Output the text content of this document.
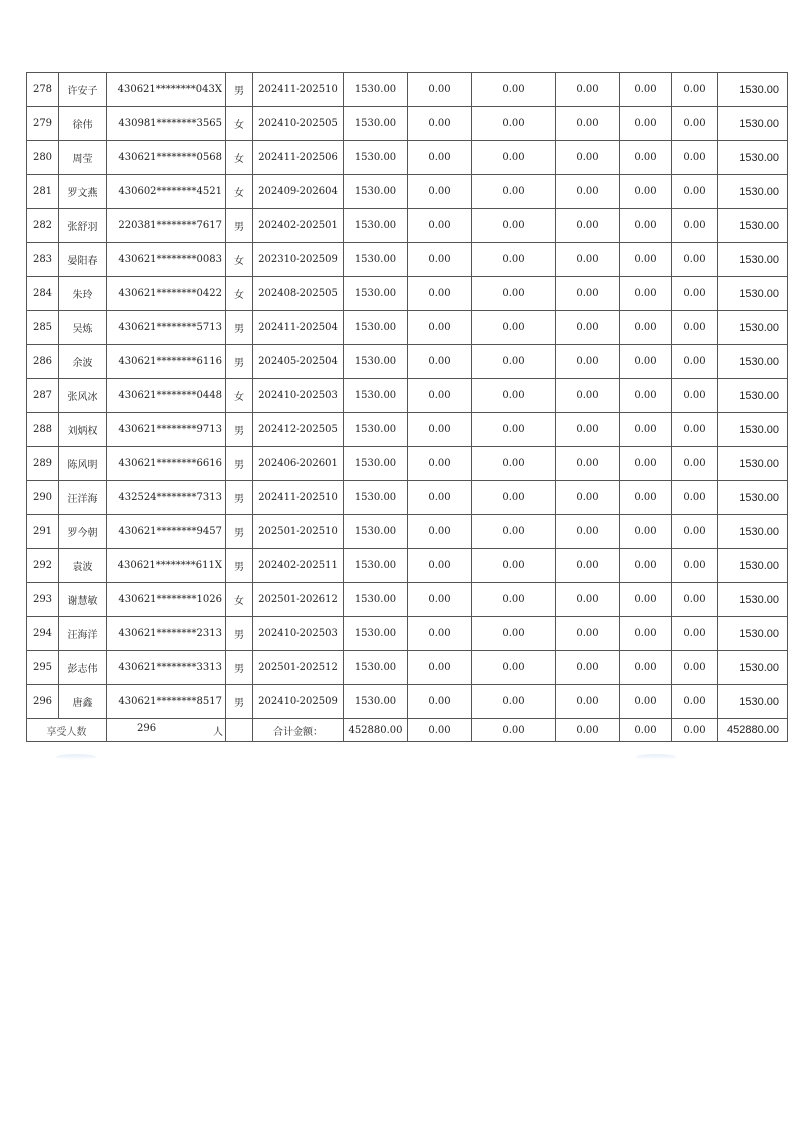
278	许安子	430621********043X	男	202411-202510	1530.00	0.00	0.00	0.00	0.00	0.00	1530.00
279	徐伟	430981********3565	女	202410-202505	1530.00	0.00	0.00	0.00	0.00	0.00	1530.00
280	周莹	430621********0568	女	202411-202506	1530.00	0.00	0.00	0.00	0.00	0.00	1530.00
281	罗文燕	430602********4521	女	202409-202604	1530.00	0.00	0.00	0.00	0.00	0.00	1530.00
282	张舒羽	220381********7617	男	202402-202501	1530.00	0.00	0.00	0.00	0.00	0.00	1530.00
283	晏阳春	430621********0083	女	202310-202509	1530.00	0.00	0.00	0.00	0.00	0.00	1530.00
284	朱玲	430621********0422	女	202408-202505	1530.00	0.00	0.00	0.00	0.00	0.00	1530.00
285	吴炼	430621********5713	男	202411-202504	1530.00	0.00	0.00	0.00	0.00	0.00	1530.00
286	余波	430621********6116	男	202405-202504	1530.00	0.00	0.00	0.00	0.00	0.00	1530.00
287	张风冰	430621********0448	女	202410-202503	1530.00	0.00	0.00	0.00	0.00	0.00	1530.00
288	刘炳权	430621********9713	男	202412-202505	1530.00	0.00	0.00	0.00	0.00	0.00	1530.00
289	陈风明	430621********6616	男	202406-202601	1530.00	0.00	0.00	0.00	0.00	0.00	1530.00
290	汪洋海	432524********7313	男	202411-202510	1530.00	0.00	0.00	0.00	0.00	0.00	1530.00
291	罗今朝	430621********9457	男	202501-202510	1530.00	0.00	0.00	0.00	0.00	0.00	1530.00
292	袁波	430621********611X	男	202402-202511	1530.00	0.00	0.00	0.00	0.00	0.00	1530.00
293	谢慧敏	430621********1026	女	202501-202612	1530.00	0.00	0.00	0.00	0.00	0.00	1530.00
294	汪海洋	430621********2313	男	202410-202503	1530.00	0.00	0.00	0.00	0.00	0.00	1530.00
295	彭志伟	430621********3313	男	202501-202512	1530.00	0.00	0.00	0.00	0.00	0.00	1530.00
296	唐鑫	430621********8517	男	202410-202509	1530.00	0.00	0.00	0.00	0.00	0.00	1530.00
享受人数		296 人		合计金额：	452880.00	0.00	0.00	0.00	0.00	0.00	452880.00
